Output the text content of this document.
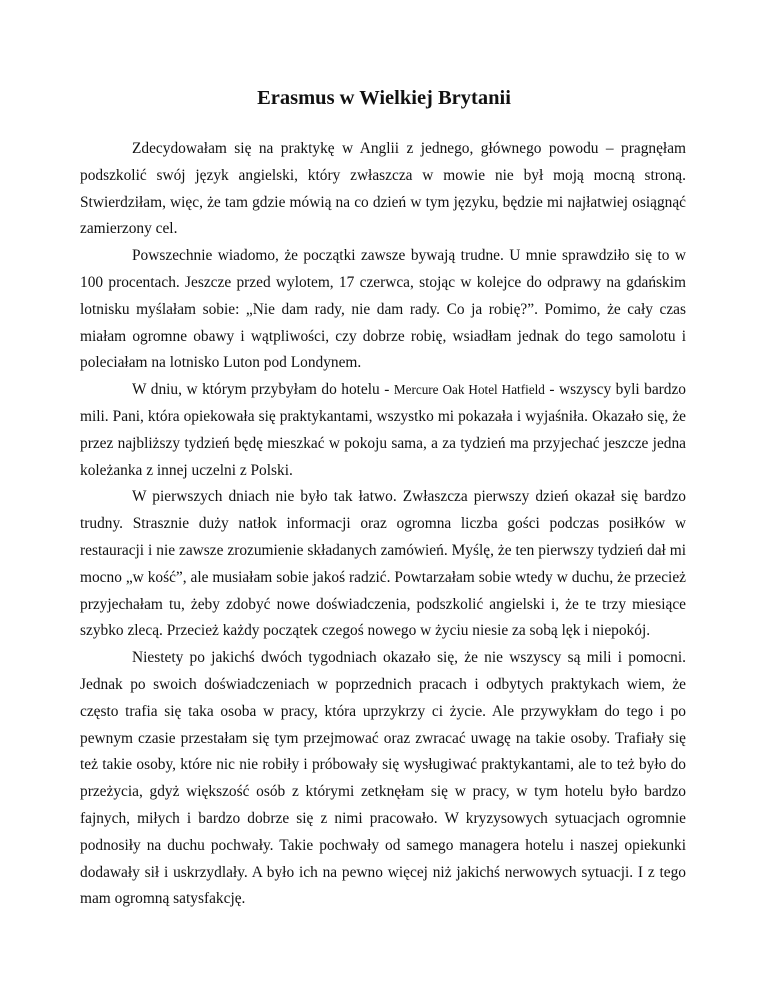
Erasmus w Wielkiej Brytanii

Zdecydowałam się na praktykę w Anglii z jednego, głównego powodu – pragnęłam podszkolić swój język angielski, który zwłaszcza w mowie nie był moją mocną stroną. Stwierdziłam, więc, że tam gdzie mówią na co dzień w tym języku, będzie mi najłatwiej osiągnąć zamierzony cel.

Powszechnie wiadomo, że początki zawsze bywają trudne. U mnie sprawdziło się to w 100 procentach. Jeszcze przed wylotem, 17 czerwca, stojąc w kolejce do odprawy na gdańskim lotnisku myślałam sobie: „Nie dam rady, nie dam rady. Co ja robię?”. Pomimo, że cały czas miałam ogromne obawy i wątpliwości, czy dobrze robię, wsiadłam jednak do tego samolotu i poleciałam na lotnisko Luton pod Londynem.

W dniu, w którym przybyłam do hotelu - Mercure Oak Hotel Hatfield - wszyscy byli bardzo mili. Pani, która opiekowała się praktykantami, wszystko mi pokazała i wyjaśniła. Okazało się, że przez najbliższy tydzień będę mieszkać w pokoju sama, a za tydzień ma przyjechać jeszcze jedna koleżanka z innej uczelni z Polski.

W pierwszych dniach nie było tak łatwo. Zwłaszcza pierwszy dzień okazał się bardzo trudny. Strasznie duży natłok informacji oraz ogromna liczba gości podczas posiłków w restauracji i nie zawsze zrozumienie składanych zamówień. Myślę, że ten pierwszy tydzień dał mi mocno „w kość”, ale musiałam sobie jakoś radzić. Powtarzałam sobie wtedy w duchu, że przecież przyjechałam tu, żeby zdobyć nowe doświadczenia, podszkolić angielski i, że te trzy miesiące szybko zlecą. Przecież każdy początek czegoś nowego w życiu niesie za sobą lęk i niepokój.

Niestety po jakichś dwóch tygodniach okazało się, że nie wszyscy są mili i pomocni. Jednak po swoich doświadczeniach w poprzednich pracach i odbytych praktykach wiem, że często trafia się taka osoba w pracy, która uprzykrzy ci życie. Ale przywykłam do tego i po pewnym czasie przestałam się tym przejmować oraz zwracać uwagę na takie osoby. Trafiały się też takie osoby, które nic nie robiły i próbowały się wysługiwać praktykantami, ale to też było do przeżycia, gdyż większość osób z którymi zetknęłam się w pracy, w tym hotelu było bardzo fajnych, miłych i bardzo dobrze się z nimi pracowało. W kryzysowych sytuacjach ogromnie podnosiły na duchu pochwały. Takie pochwały od samego managera hotelu i naszej opiekunki dodawały sił i uskrzydlały. A było ich na pewno więcej niż jakichś nerwowych sytuacji. I z tego mam ogromną satysfakcję.
